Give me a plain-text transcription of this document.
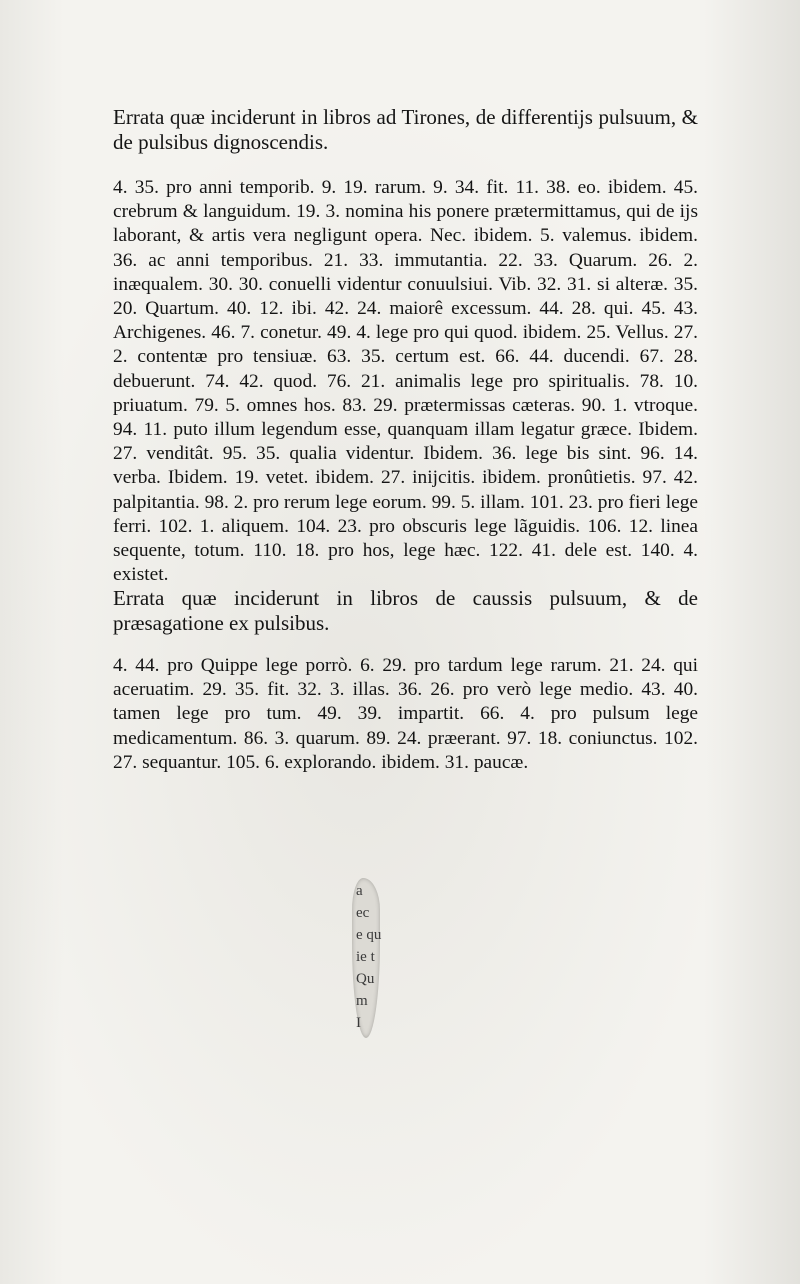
a
ec
e qu
ie t
Qu
m
I

Errata quæ inciderunt in libros ad Tirones, de differentijs pulsuum, & de pulsibus dignoscendis.

4. 35. pro anni temporib. 9. 19. rarum. 9. 34. fit. 11. 38. eo. ibidem. 45. crebrum & languidum. 19. 3. nomina his ponere prætermittamus, qui de ijs laborant, & artis vera negligunt opera. Nec. ibidem. 5. valemus. ibidem. 36. ac anni temporibus. 21. 33. immutantia. 22. 33. Quarum. 26. 2. inæqualem. 30. 30. conuelli videntur conuulsiui. Vib. 32. 31. si alteræ. 35. 20. Quartum. 40. 12. ibi. 42. 24. maiorê excessum. 44. 28. qui. 45. 43. Archigenes. 46. 7. conetur. 49. 4. lege pro qui quod. ibidem. 25. Vellus. 27. 2. contentæ pro tensiuæ. 63. 35. certum est. 66. 44. ducendi. 67. 28. debuerunt. 74. 42. quod. 76. 21. animalis lege pro spiritualis. 78. 10. priuatum. 79. 5. omnes hos. 83. 29. prætermissas cæteras. 90. 1. vtroque. 94. 11. puto illum legendum esse, quanquam illam legatur græce. Ibidem. 27. venditât. 95. 35. qualia videntur. Ibidem. 36. lege bis sint. 96. 14. verba. Ibidem. 19. vetet. ibidem. 27. inijcitis. ibidem. pronûtietis. 97. 42. palpitantia. 98. 2. pro rerum lege eorum. 99. 5. illam. 101. 23. pro fieri lege ferri. 102. 1. aliquem. 104. 23. pro obscuris lege lãguidis. 106. 12. linea sequente, totum. 110. 18. pro hos, lege hæc. 122. 41. dele est. 140. 4. existet.

Errata quæ inciderunt in libros de caussis pulsuum, & de præsagatione ex pulsibus.

4. 44. pro Quippe lege porrò. 6. 29. pro tardum lege rarum. 21. 24. qui aceruatim. 29. 35. fit. 32. 3. illas. 36. 26. pro verò lege medio. 43. 40. tamen lege pro tum. 49. 39. impartit. 66. 4. pro pulsum lege medicamentum. 86. 3. quarum. 89. 24. præerant. 97. 18. coniunctus. 102. 27. sequantur. 105. 6. explorando. ibidem. 31. paucæ.
